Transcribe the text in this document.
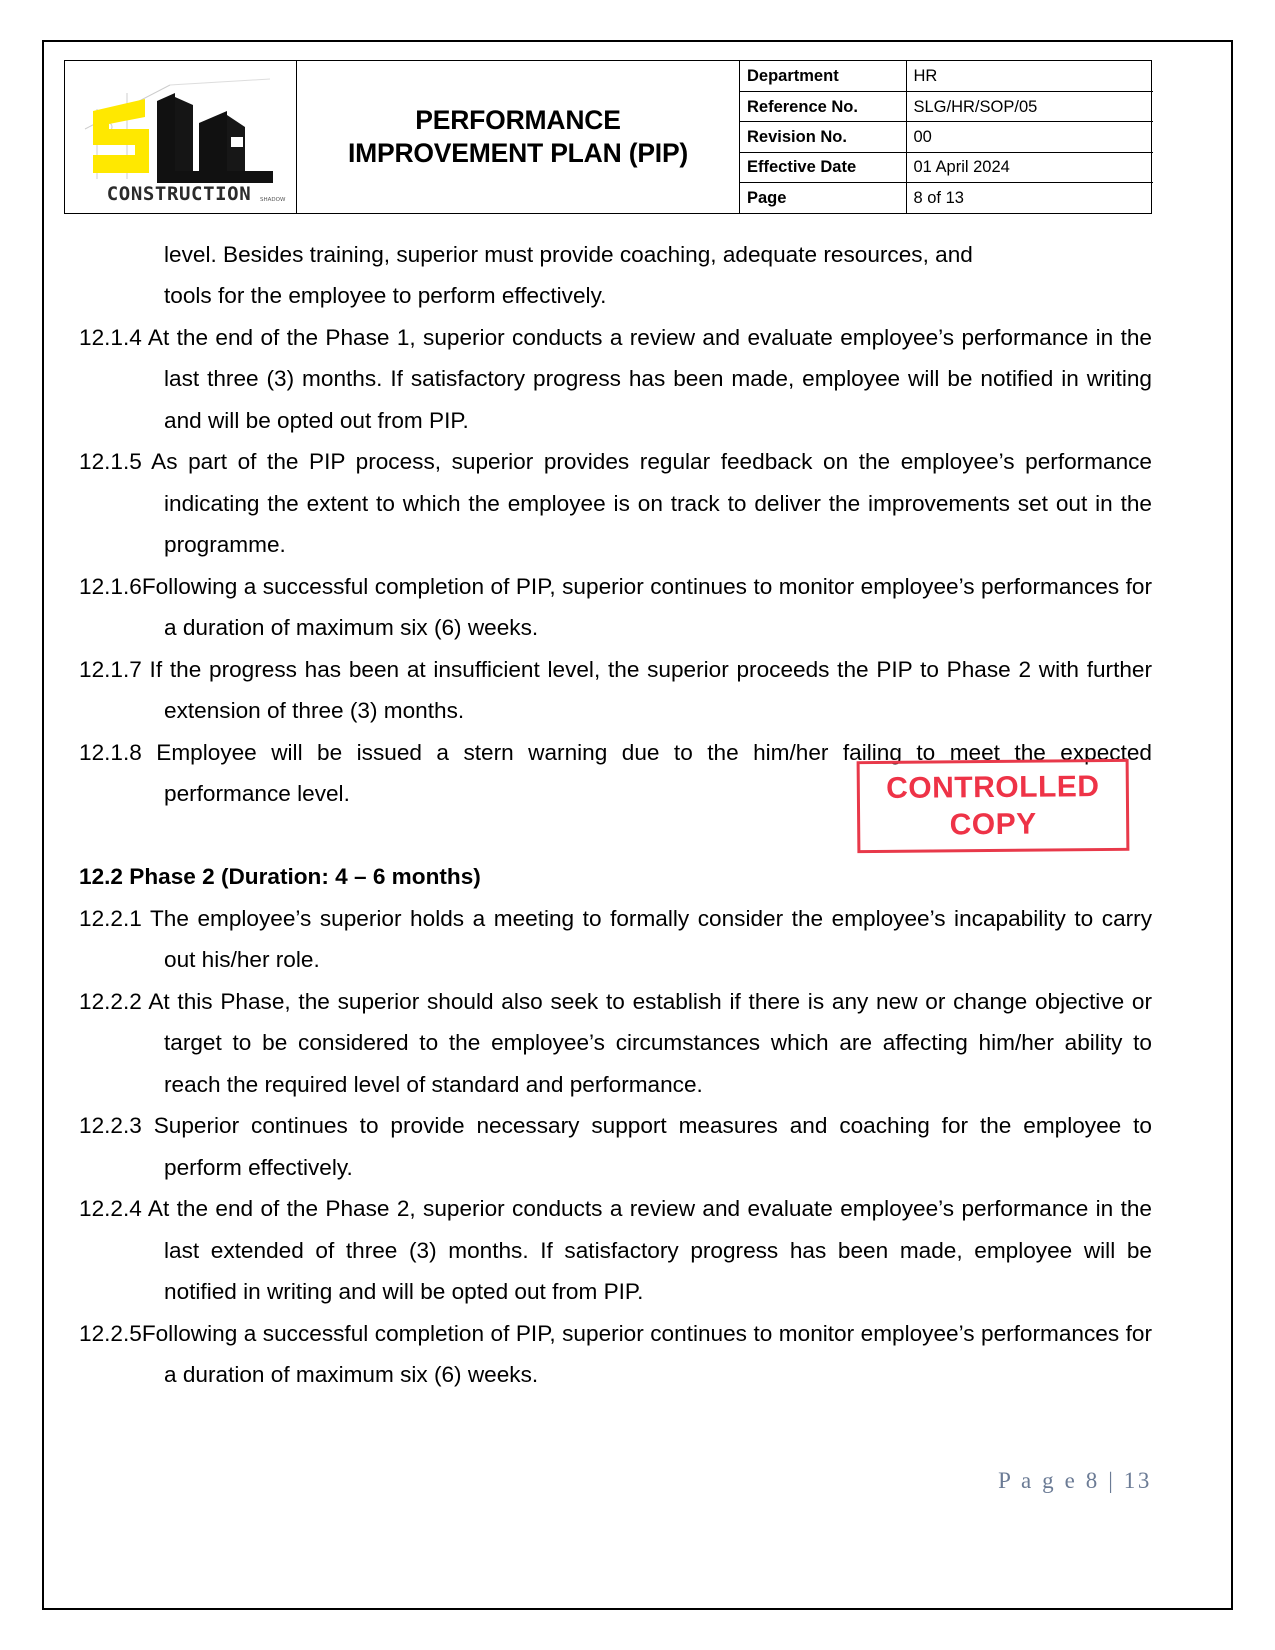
CONSTRUCTION SHADOW

PERFORMANCE
IMPROVEMENT PLAN (PIP)

Department	HR
Reference No.	SLG/HR/SOP/05
Revision No.	00
Effective Date	01 April 2024
Page	8 of 13

level. Besides training, superior must provide coaching, adequate resources, and

tools for the employee to perform effectively.

12.1.4 At the end of the Phase 1, superior conducts a review and evaluate employee’s performance in the last three (3) months. If satisfactory progress has been made, employee will be notified in writing and will be opted out from PIP.

12.1.5 As part of the PIP process, superior provides regular feedback on the employee’s performance indicating the extent to which the employee is on track to deliver the improvements set out in the programme.

12.1.6Following a successful completion of PIP, superior continues to monitor employee’s performances for a duration of maximum six (6) weeks.

12.1.7 If the progress has been at insufficient level, the superior proceeds the PIP to Phase 2 with further extension of three (3) months.

12.1.8 Employee will be issued a stern warning due to the him/her failing to meet the expected performance level.

12.2 Phase 2 (Duration: 4 – 6 months)

12.2.1 The employee’s superior holds a meeting to formally consider the employee’s incapability to carry out his/her role.

12.2.2 At this Phase, the superior should also seek to establish if there is any new or change objective or target to be considered to the employee’s circumstances which are affecting him/her ability to reach the required level of standard and performance.

12.2.3 Superior continues to provide necessary support measures and coaching for the employee to perform effectively.

12.2.4 At the end of the Phase 2, superior conducts a review and evaluate employee’s performance in the last extended of three (3) months. If satisfactory progress has been made, employee will be notified in writing and will be opted out from PIP.

12.2.5Following a successful completion of PIP, superior continues to monitor employee’s performances for a duration of maximum six (6) weeks.

CONTROLLED
COPY
P a g e 8 | 13
